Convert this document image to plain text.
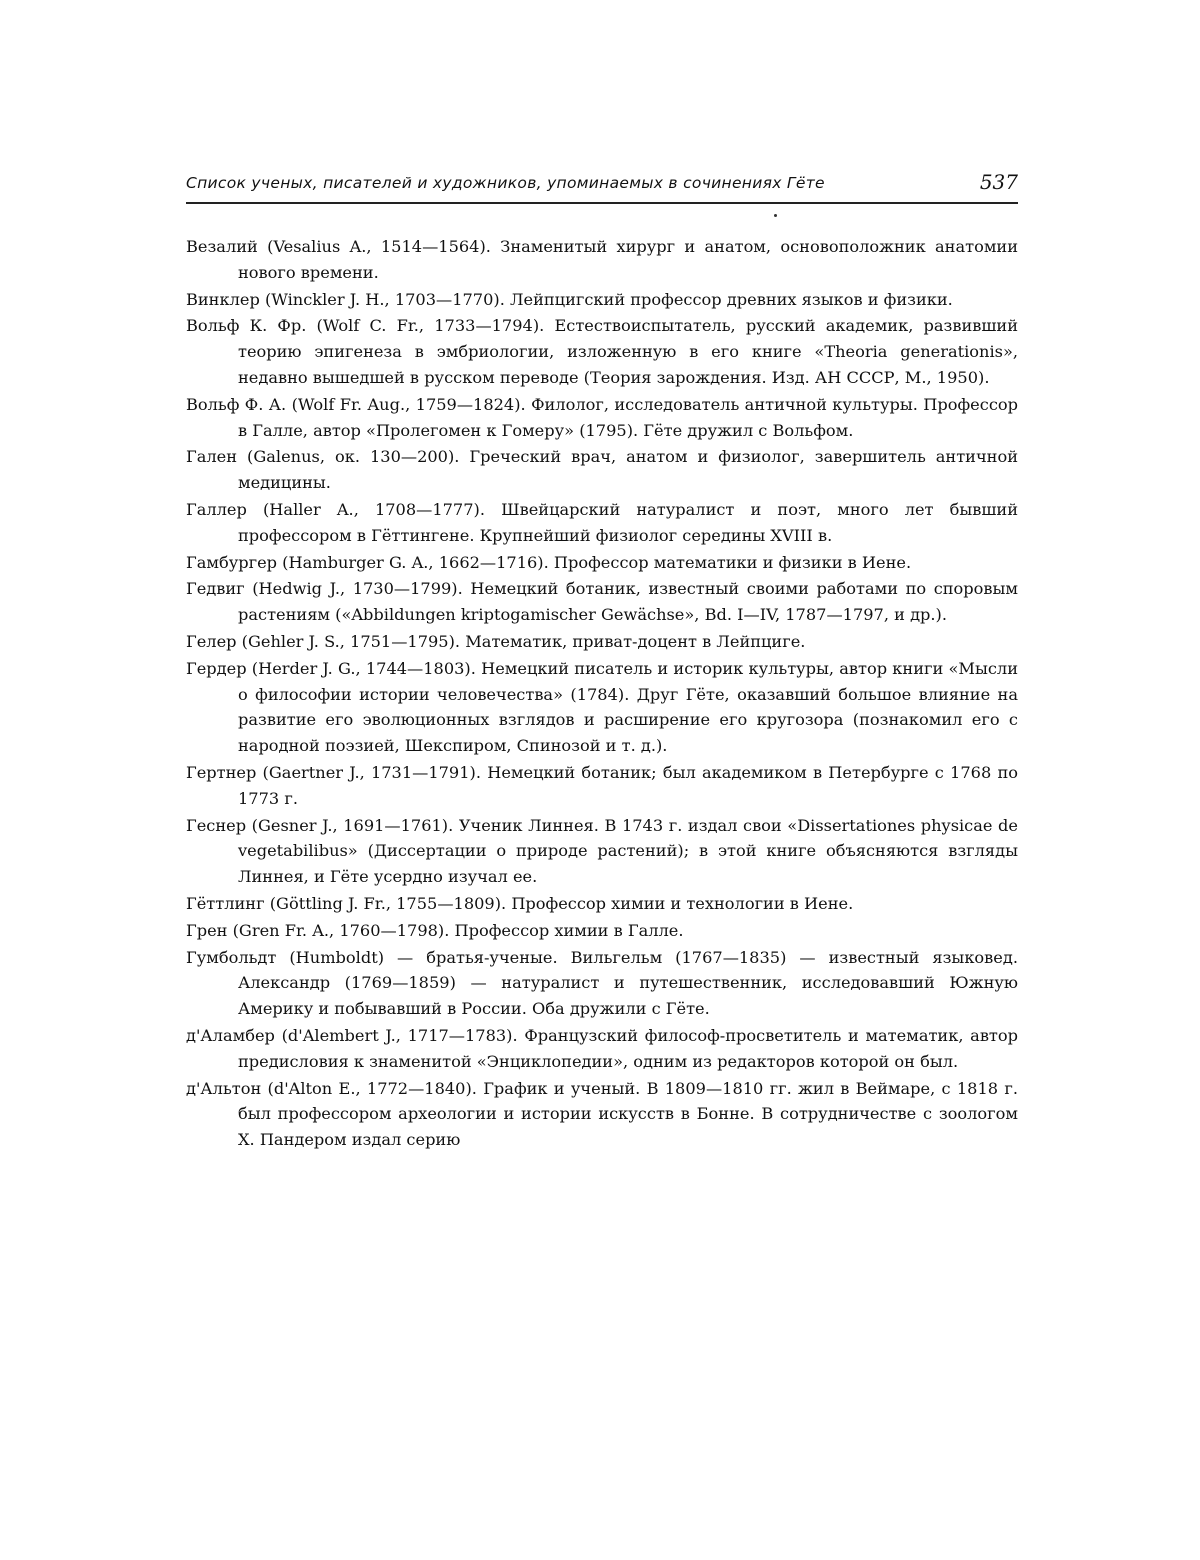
Список ученых, писателей и художников, упоминаемых в сочинениях Гёте	537

Везалий (Vesalius A., 1514—1564). Знаменитый хирург и анатом, основоположник анатомии нового времени.

Винклер (Winckler J. H., 1703—1770). Лейпцигский профессор древних языков и физики.

Вольф К. Фр. (Wolf C. Fr., 1733—1794). Естествоиспытатель, русский академик, развивший теорию эпигенеза в эмбриологии, изложенную в его книге «Theoria generationis», недавно вышедшей в русском переводе (Теория зарождения. Изд. АН СССР, М., 1950).

Вольф Ф. А. (Wolf Fr. Aug., 1759—1824). Филолог, исследователь античной культуры. Профессор в Галле, автор «Пролегомен к Гомеру» (1795). Гёте дружил с Вольфом.

Гален (Galenus, ок. 130—200). Греческий врач, анатом и физиолог, завершитель античной медицины.

Галлер (Haller A., 1708—1777). Швейцарский натуралист и поэт, много лет бывший профессором в Гёттингене. Крупнейший физиолог середины XVIII в.

Гамбургер (Hamburger G. A., 1662—1716). Профессор математики и физики в Иене.

Гедвиг (Hedwig J., 1730—1799). Немецкий ботаник, известный своими работами по споровым растениям («Abbildungen kriptogamischer Gewächse», Bd. I—IV, 1787—1797, и др.).

Гелер (Gehler J. S., 1751—1795). Математик, приват-доцент в Лейпциге.

Гердер (Herder J. G., 1744—1803). Немецкий писатель и историк культуры, автор книги «Мысли о философии истории человечества» (1784). Друг Гёте, оказавший большое влияние на развитие его эволюционных взглядов и расширение его кругозора (познакомил его с народной поэзией, Шекспиром, Спинозой и т. д.).

Гертнер (Gaertner J., 1731—1791). Немецкий ботаник; был академиком в Петербурге с 1768 по 1773 г.

Геснер (Gesner J., 1691—1761). Ученик Линнея. В 1743 г. издал свои «Dissertationes physicae de vegetabilibus» (Диссертации о природе растений); в этой книге объясняются взгляды Линнея, и Гёте усердно изучал ее.

Гёттлинг (Göttling J. Fr., 1755—1809). Профессор химии и технологии в Иене.

Грен (Gren Fr. A., 1760—1798). Профессор химии в Галле.

Гумбольдт (Humboldt) — братья-ученые. Вильгельм (1767—1835) — известный языковед. Александр (1769—1859) — натуралист и путешественник, исследовавший Южную Америку и побывавший в России. Оба дружили с Гёте.

д'Аламбер (d'Alembert J., 1717—1783). Французский философ-просветитель и математик, автор предисловия к знаменитой «Энциклопедии», одним из редакторов которой он был.

д'Альтон (d'Alton E., 1772—1840). График и ученый. В 1809—1810 гг. жил в Веймаре, с 1818 г. был профессором археологии и истории искусств в Бонне. В сотрудничестве с зоологом Х. Пандером издал серию
